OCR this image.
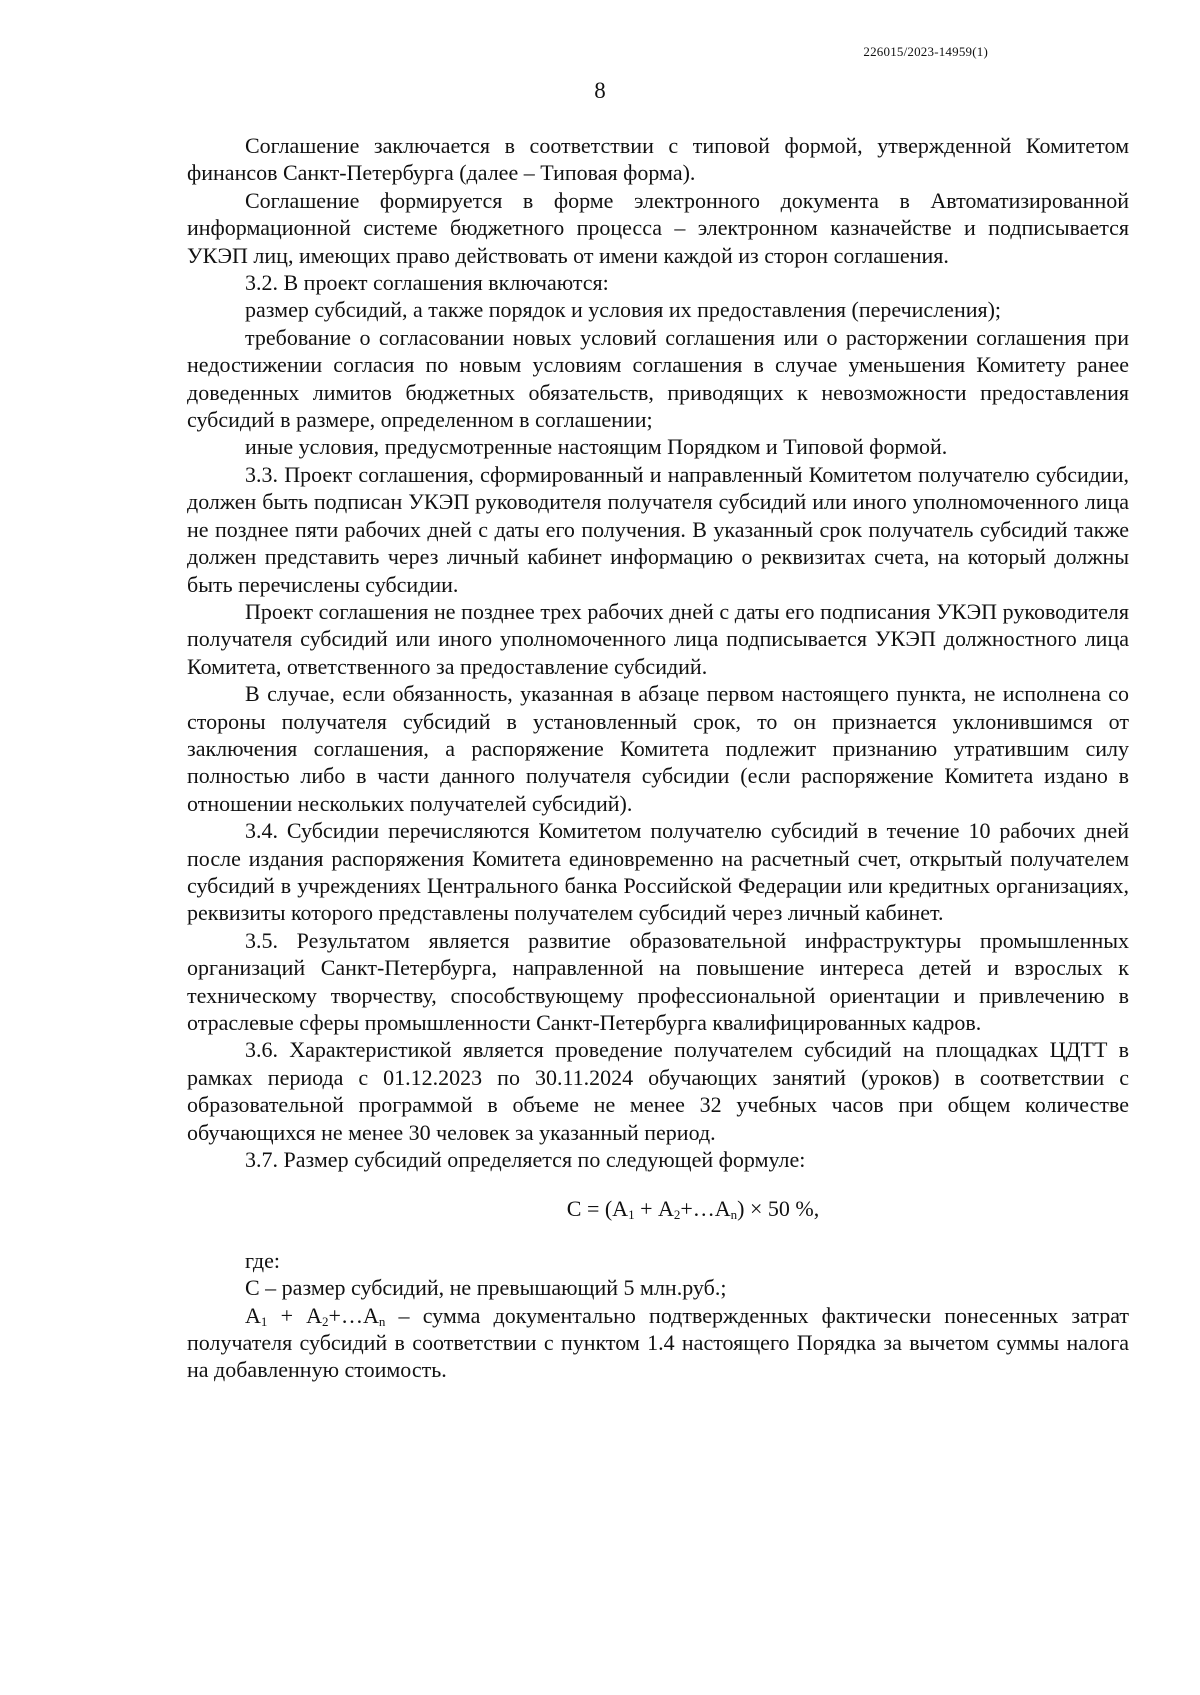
226015/2023-14959(1)
8

Соглашение заключается в соответствии с типовой формой, утвержденной Комитетом финансов Санкт-Петербурга (далее – Типовая форма).

Соглашение формируется в форме электронного документа в Автоматизированной информационной системе бюджетного процесса – электронном казначействе и подписывается УКЭП лиц, имеющих право действовать от имени каждой из сторон соглашения.

3.2. В проект соглашения включаются:

размер субсидий, а также порядок и условия их предоставления (перечисления);

требование о согласовании новых условий соглашения или о расторжении соглашения при недостижении согласия по новым условиям соглашения в случае уменьшения Комитету ранее доведенных лимитов бюджетных обязательств, приводящих к невозможности предоставления субсидий в размере, определенном в соглашении;

иные условия, предусмотренные настоящим Порядком и Типовой формой.

3.3. Проект соглашения, сформированный и направленный Комитетом получателю субсидии, должен быть подписан УКЭП руководителя получателя субсидий или иного уполномоченного лица не позднее пяти рабочих дней с даты его получения. В указанный срок получатель субсидий также должен представить через личный кабинет информацию о реквизитах счета, на который должны быть перечислены субсидии.

Проект соглашения не позднее трех рабочих дней с даты его подписания УКЭП руководителя получателя субсидий или иного уполномоченного лица подписывается УКЭП должностного лица Комитета, ответственного за предоставление субсидий.

В случае, если обязанность, указанная в абзаце первом настоящего пункта, не исполнена со стороны получателя субсидий в установленный срок, то он признается уклонившимся от заключения соглашения, а распоряжение Комитета подлежит признанию утратившим силу полностью либо в части данного получателя субсидии (если распоряжение Комитета издано в отношении нескольких получателей субсидий).

3.4. Субсидии перечисляются Комитетом получателю субсидий в течение 10 рабочих дней после издания распоряжения Комитета единовременно на расчетный счет, открытый получателем субсидий в учреждениях Центрального банка Российской Федерации или кредитных организациях, реквизиты которого представлены получателем субсидий через личный кабинет.

3.5. Результатом является развитие образовательной инфраструктуры промышленных организаций Санкт-Петербурга, направленной на повышение интереса детей и взрослых к техническому творчеству, способствующему профессиональной ориентации и привлечению в отраслевые сферы промышленности Санкт-Петербурга квалифицированных кадров.

3.6. Характеристикой является проведение получателем субсидий на площадках ЦДТТ в рамках периода с 01.12.2023 по 30.11.2024 обучающих занятий (уроков) в соответствии с образовательной программой в объеме не менее 32 учебных часов при общем количестве обучающихся не менее 30 человек за указанный период.

3.7. Размер субсидий определяется по следующей формуле:

$С = (А_1$ + $А_2+\dots А_n) \times 50$ %,

где:

С – размер субсидий, не превышающий 5 млн.руб.;

$А_1$ + $А_2+\dots А_n$ – сумма документально подтвержденных фактически понесенных затрат получателя субсидий в соответствии с пунктом 1.4 настоящего Порядка за вычетом суммы налога на добавленную стоимость.
